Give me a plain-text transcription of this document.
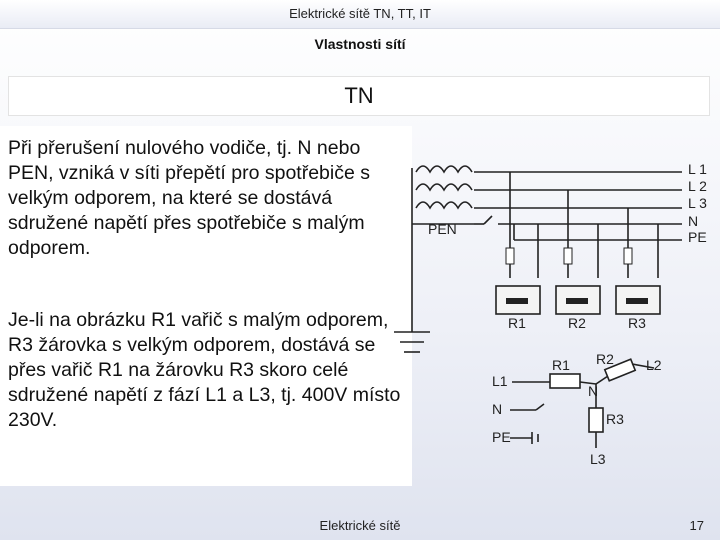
Elektrické sítě TN, TT, IT
Vlastnosti sítí
TN
Při přerušení nulového vodiče, tj. N nebo PEN, vzniká v síti přepětí pro spotřebiče s velkým odporem, na které se dostává sdružené napětí přes spotřebiče s malým odporem.
Je-li na obrázku R1 vařič s malým odporem, R3 žárovka s velkým odporem, dostává se přes vařič R1 na žárovku R3 skoro celé sdružené napětí z fází L1 a L3, tj. 400V místo 230V.
PEN
L 1
L 2
L 3
N
PE
R1	R2	R3
R1 R2
R3
L1
N
PE
L2
L3
N
Elektrické sítě	17
